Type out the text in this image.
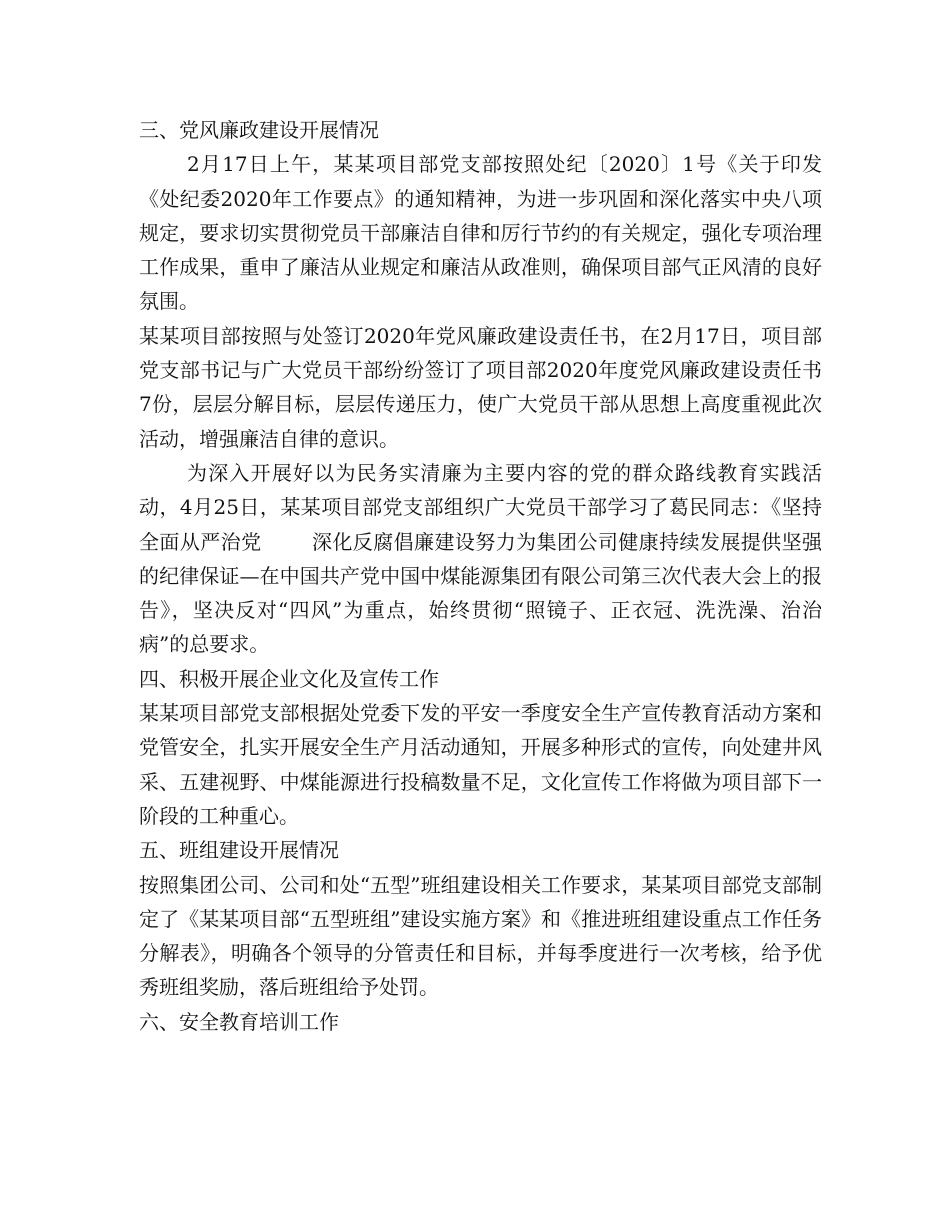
三、党风廉政建设开展情况

2月17日上午，某某项目部党支部按照处纪〔2020〕1号《关于印发《处纪委2020年工作要点》的通知精神，为进一步巩固和深化落实中央八项规定，要求切实贯彻党员干部廉洁自律和厉行节约的有关规定，强化专项治理工作成果，重申了廉洁从业规定和廉洁从政准则，确保项目部气正风清的良好氛围。

某某项目部按照与处签订2020年党风廉政建设责任书，在2月17日，项目部党支部书记与广大党员干部纷纷签订了项目部2020年度党风廉政建设责任书7份，层层分解目标，层层传递压力，使广大党员干部从思想上高度重视此次活动，增强廉洁自律的意识。

为深入开展好以为民务实清廉为主要内容的党的群众路线教育实践活动，4月25日，某某项目部党支部组织广大党员干部学习了葛民同志：《坚持全面从严治党	深化反腐倡廉建设努力为集团公司健康持续发展提供坚强的纪律保证—在中国共产党中国中煤能源集团有限公司第三次代表大会上的报告》，坚决反对“四风”为重点，始终贯彻“照镜子、正衣冠、洗洗澡、治治病”的总要求。

四、积极开展企业文化及宣传工作

某某项目部党支部根据处党委下发的平安一季度安全生产宣传教育活动方案和党管安全，扎实开展安全生产月活动通知，开展多种形式的宣传，向处建井风采、五建视野、中煤能源进行投稿数量不足，文化宣传工作将做为项目部下一阶段的工种重心。

五、班组建设开展情况

按照集团公司、公司和处“五型”班组建设相关工作要求，某某项目部党支部制定了《某某项目部“五型班组”建设实施方案》和《推进班组建设重点工作任务分解表》，明确各个领导的分管责任和目标，并每季度进行一次考核，给予优秀班组奖励，落后班组给予处罚。

六、安全教育培训工作
